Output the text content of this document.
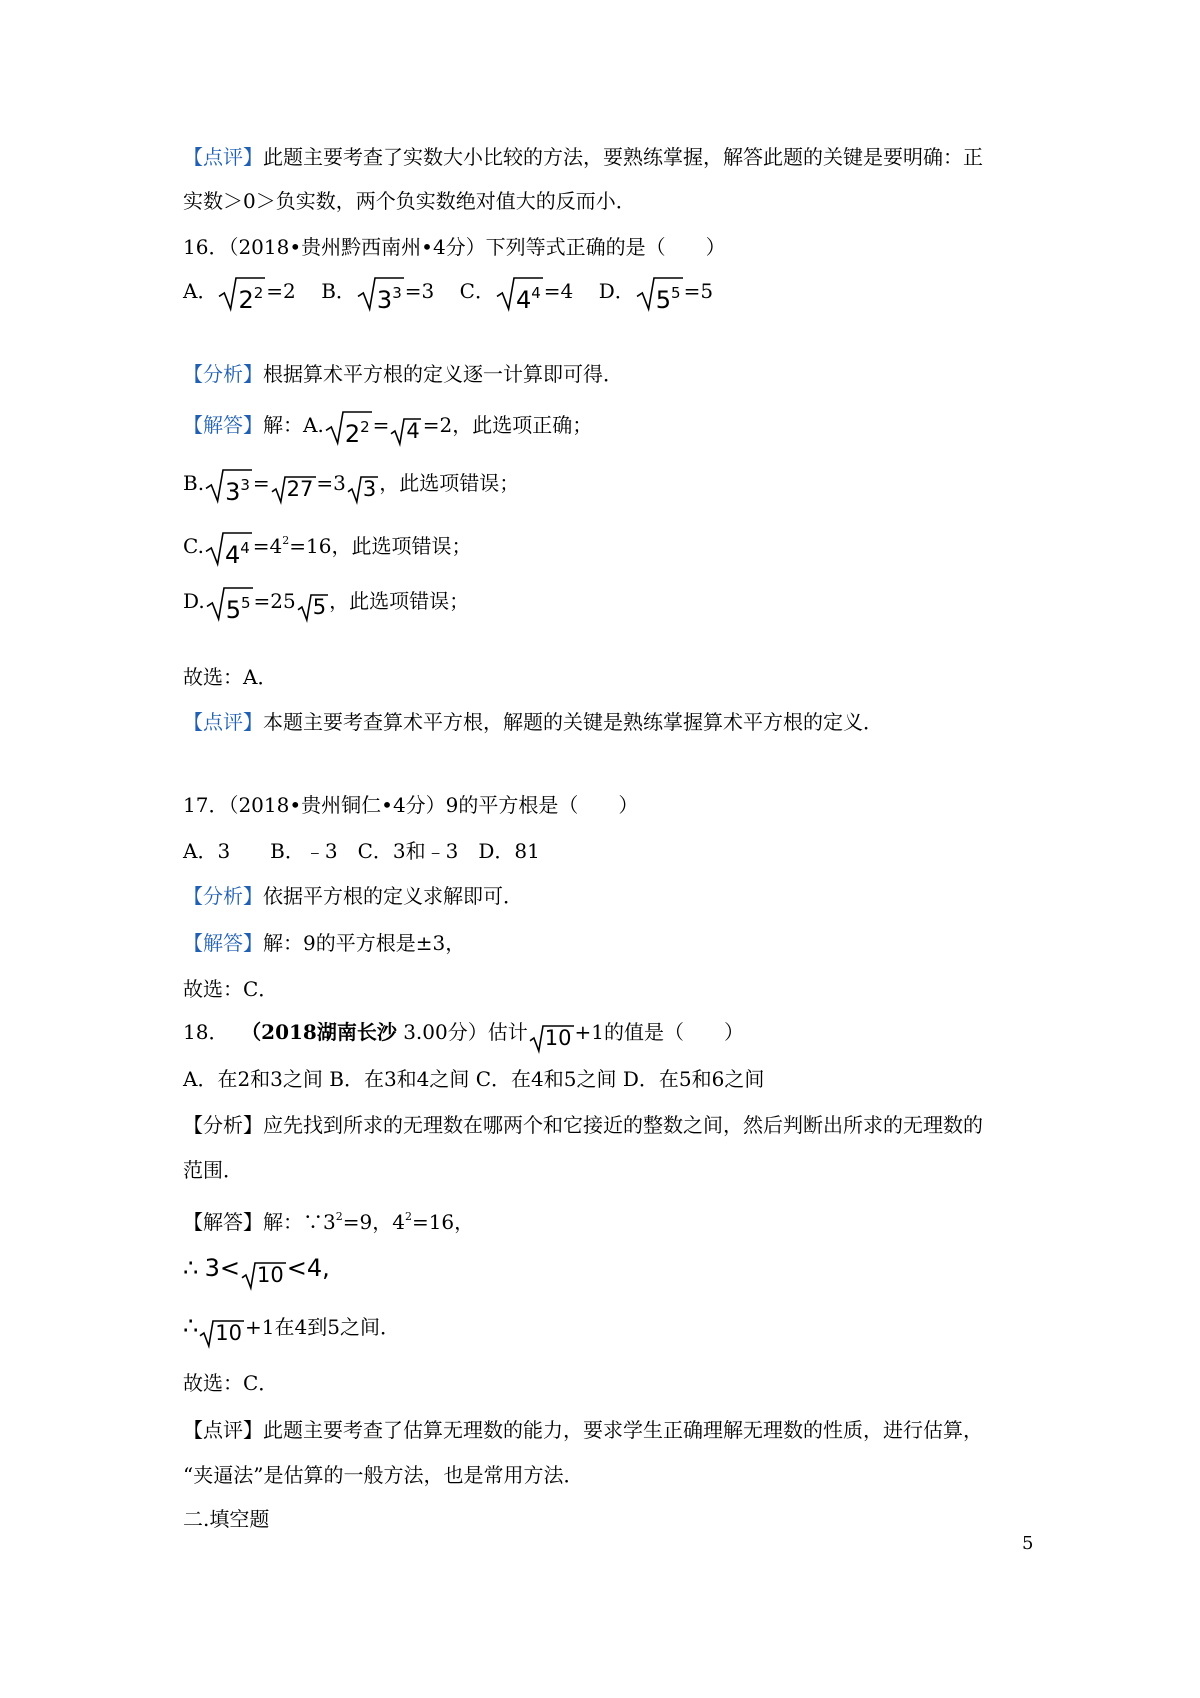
【点评】此题主要考查了实数大小比较的方法，要熟练掌握，解答此题的关键是要明确：正
实数＞0＞负实数，两个负实数绝对值大的反而小．
16．（2018•贵州黔西南州•4分）下列等式正确的是（　　）
A． $2^2 =2$ B． $3^3 =3$ C． $4^4 =4$ D． $5^5 =5$
【分析】根据算术平方根的定义逐一计算即可得．
【解答】解：A. $2^2 = 4 =2$，此选项正确；
B. $3^3 = 27 =3$ 3 ，此选项错误；
C. $4^4 =4^2=16$，此选项错误；
D. $5^5 =25$ 5 ，此选项错误；
故选：A．
【点评】本题主要考查算术平方根，解题的关键是熟练掌握算术平方根的定义．
17．（2018•贵州铜仁•4分）9的平方根是（　　）
A．3　　B．﹣3　C．3和﹣3　D．81
【分析】依据平方根的定义求解即可．
【解答】解：9的平方根是±3，
故选：C．
18． （2018湖南长沙 3.00分）估计 10 +1的值是（　　）
A．在2和3之间 B．在3和4之间 C．在4和5之间 D．在5和6之间
【分析】应先找到所求的无理数在哪两个和它接近的整数之间，然后判断出所求的无理数的
范围．
【解答】解：$\because 3^2=9$，$4^2=16$，
∴ 3< 10 <4,
∴ 10 +1在4到5之间．
故选：C．
【点评】此题主要考查了估算无理数的能力，要求学生正确理解无理数的性质，进行估算，
“夹逼法”是估算的一般方法，也是常用方法．
二.填空题
5
